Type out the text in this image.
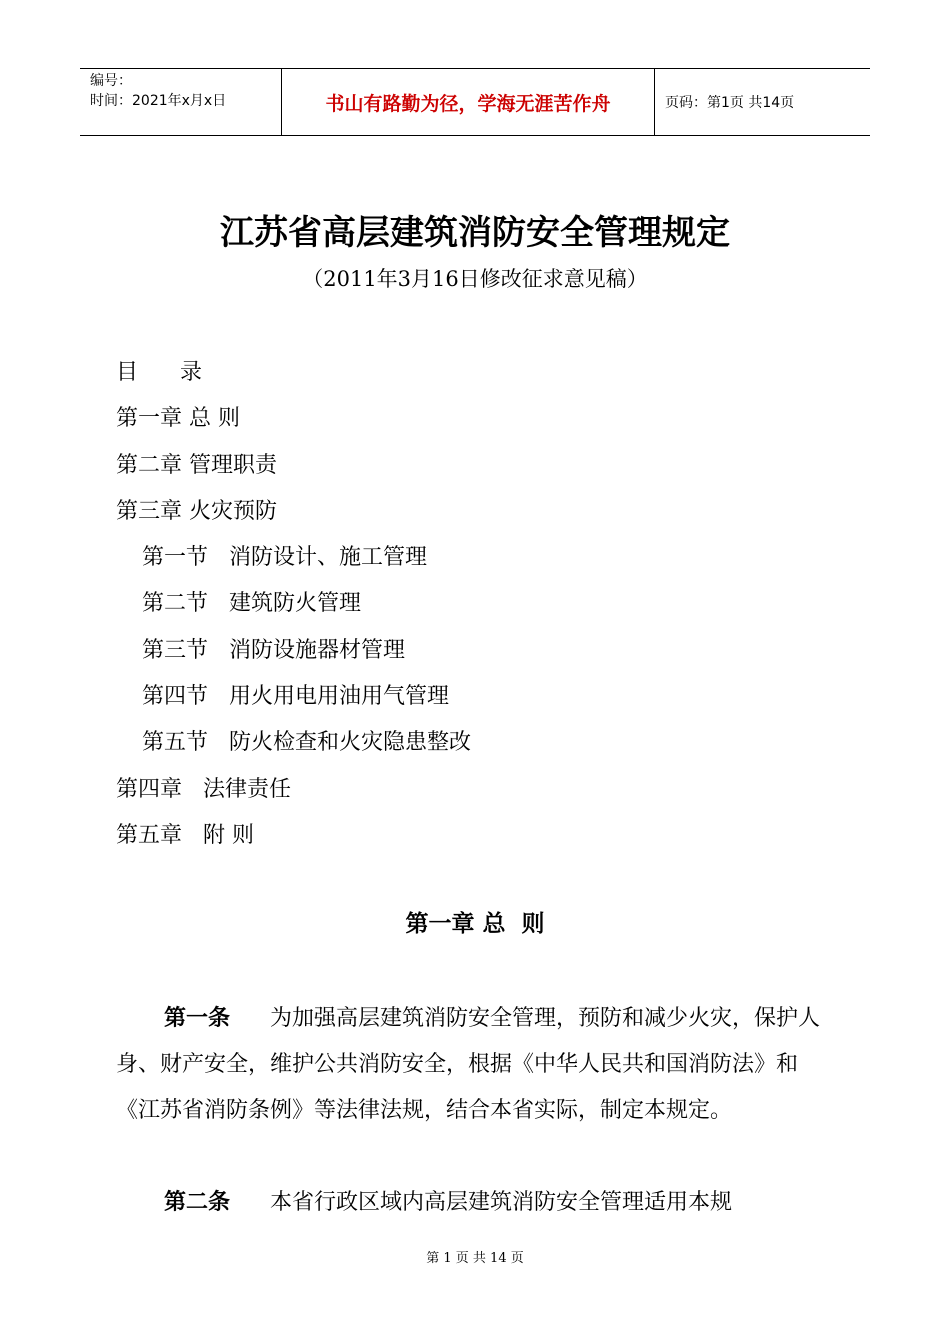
编号：
时间：2021年x月x日	书山有路勤为径，学海无涯苦作舟	页码：第1页 共14页
江苏省高层建筑消防安全管理规定
（2011年3月16日修改征求意见稿）
目      录
第一章 总 则
第二章 管理职责
第三章 火灾预防
第一节   消防设计、施工管理
第二节   建筑防火管理
第三节   消防设施器材管理
第四节   用火用电用油用气管理
第五节   防火检查和火灾隐患整改
第四章   法律责任
第五章   附 则
第一章 总  则
第一条 为加强高层建筑消防安全管理，预防和减少火灾，保护人身、财产安全，维护公共消防安全，根据《中华人民共和国消防法》和《江苏省消防条例》等法律法规，结合本省实际，制定本规定。
第二条 本省行政区域内高层建筑消防安全管理适用本规
第 1 页 共 14 页
